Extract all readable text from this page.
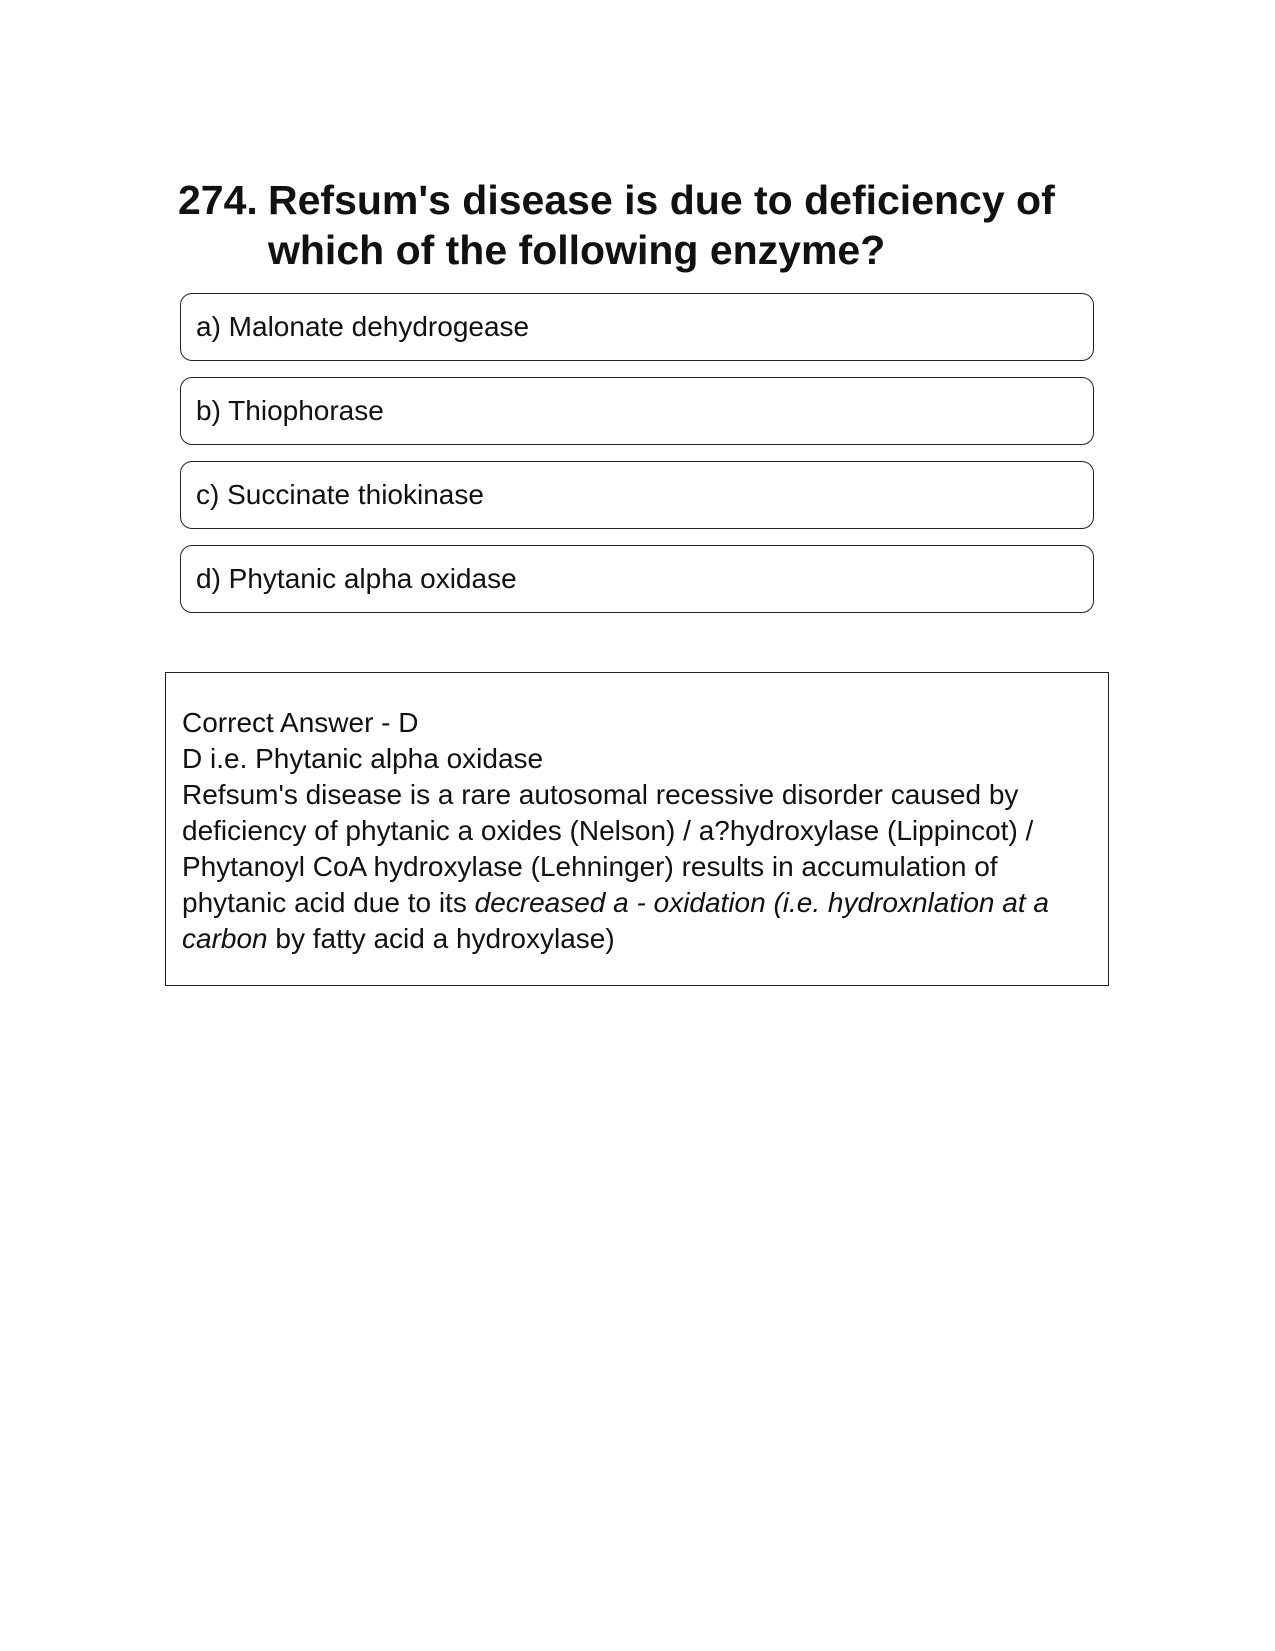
274. Refsum's disease is due to deficiency of which of the following enzyme?
a) Malonate dehydrogease
b) Thiophorase
c) Succinate thiokinase
d) Phytanic alpha oxidase

Correct Answer - D

D i.e. Phytanic alpha oxidase

Refsum's disease is a rare autosomal recessive disorder caused by deficiency of phytanic a oxides (Nelson) / a?hydroxylase (Lippincot) / Phytanoyl CoA hydroxylase (Lehninger) results in accumulation of phytanic acid due to its decreased a - oxidation (i.e. hydroxnlation at a carbon by fatty acid a hydroxylase)
